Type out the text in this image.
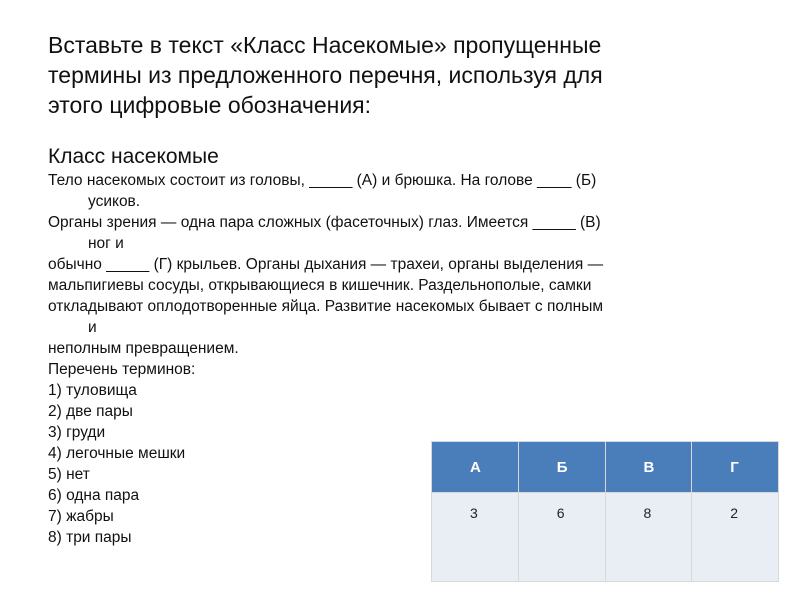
Вставьте в текст «Класс Насекомые» пропущенные
термины из предложенного перечня, используя для
этого цифровые обозначения:
Класс насекомые
Тело насекомых состоит из головы, _____ (А) и брюшка. На голове ____ (Б)
усиков.
Органы зрения — одна пара сложных (фасеточных) глаз. Имеется _____ (В)
ног и
обычно _____ (Г) крыльев. Органы дыхания — трахеи, органы выделения —
мальпигиевы сосуды, открывающиеся в кишечник. Раздельнополые, самки
откладывают оплодотворенные яйца. Развитие насекомых бывает с полным
и
неполным превращением.
Перечень терминов:
1) туловища
2) две пары
3) груди
4) легочные мешки
5) нет
6) одна пара
7) жабры
8) три пары
А	Б	В	Г
3	6	8	2
